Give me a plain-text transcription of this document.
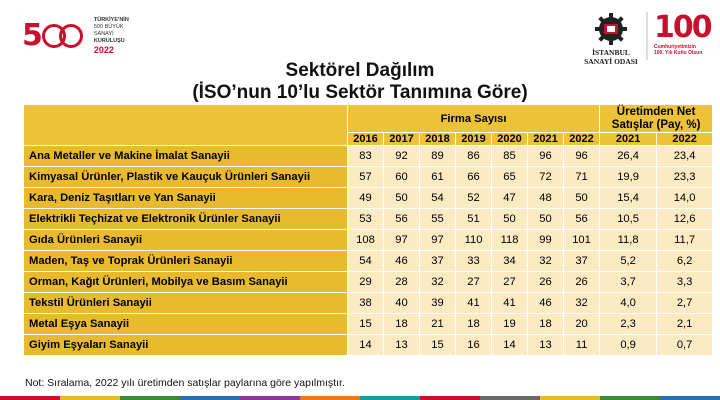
5	TÜRKİYE'NİN
500 BÜYÜK SANAYİ
KURULUŞU
2022	İSTANBUL
SANAYİ ODASI
100
Cumhuriyetimizin
100. Yılı Kutlu Olsun
Sektörel Dağılım
(İSO’nun 10’lu Sektör Tanımına Göre)
	Firma Sayısı							Üretimden Net
Satışlar (Pay, %)	

	2016	2017	2018	2019	2020	2021	2022	2021	2022
Ana Metaller ve Makine İmalat Sanayii	83	92	89	86	85	96	96	26,4	23,4
Kimyasal Ürünler, Plastik ve Kauçuk Ürünleri Sanayii	57	60	61	66	65	72	71	19,9	23,3
Kara, Deniz Taşıtları ve Yan Sanayii	49	50	54	52	47	48	50	15,4	14,0
Elektrikli Teçhizat ve Elektronik Ürünler Sanayii	53	56	55	51	50	50	56	10,5	12,6
Gıda Ürünleri Sanayii	108	97	97	110	118	99	101	11,8	11,7
Maden, Taş ve Toprak Ürünleri Sanayii	54	46	37	33	34	32	37	5,2	6,2
Orman, Kağıt Ürünleri, Mobilya ve Basım Sanayii	29	28	32	27	27	26	26	3,7	3,3
Tekstil Ürünleri Sanayii	38	40	39	41	41	46	32	4,0	2,7
Metal Eşya Sanayii	15	18	21	18	19	18	20	2,3	2,1
Giyim Eşyaları Sanayii	14	13	15	16	14	13	11	0,9	0,7
Not: Sıralama, 2022 yılı üretimden satışlar paylarına göre yapılmıştır.
